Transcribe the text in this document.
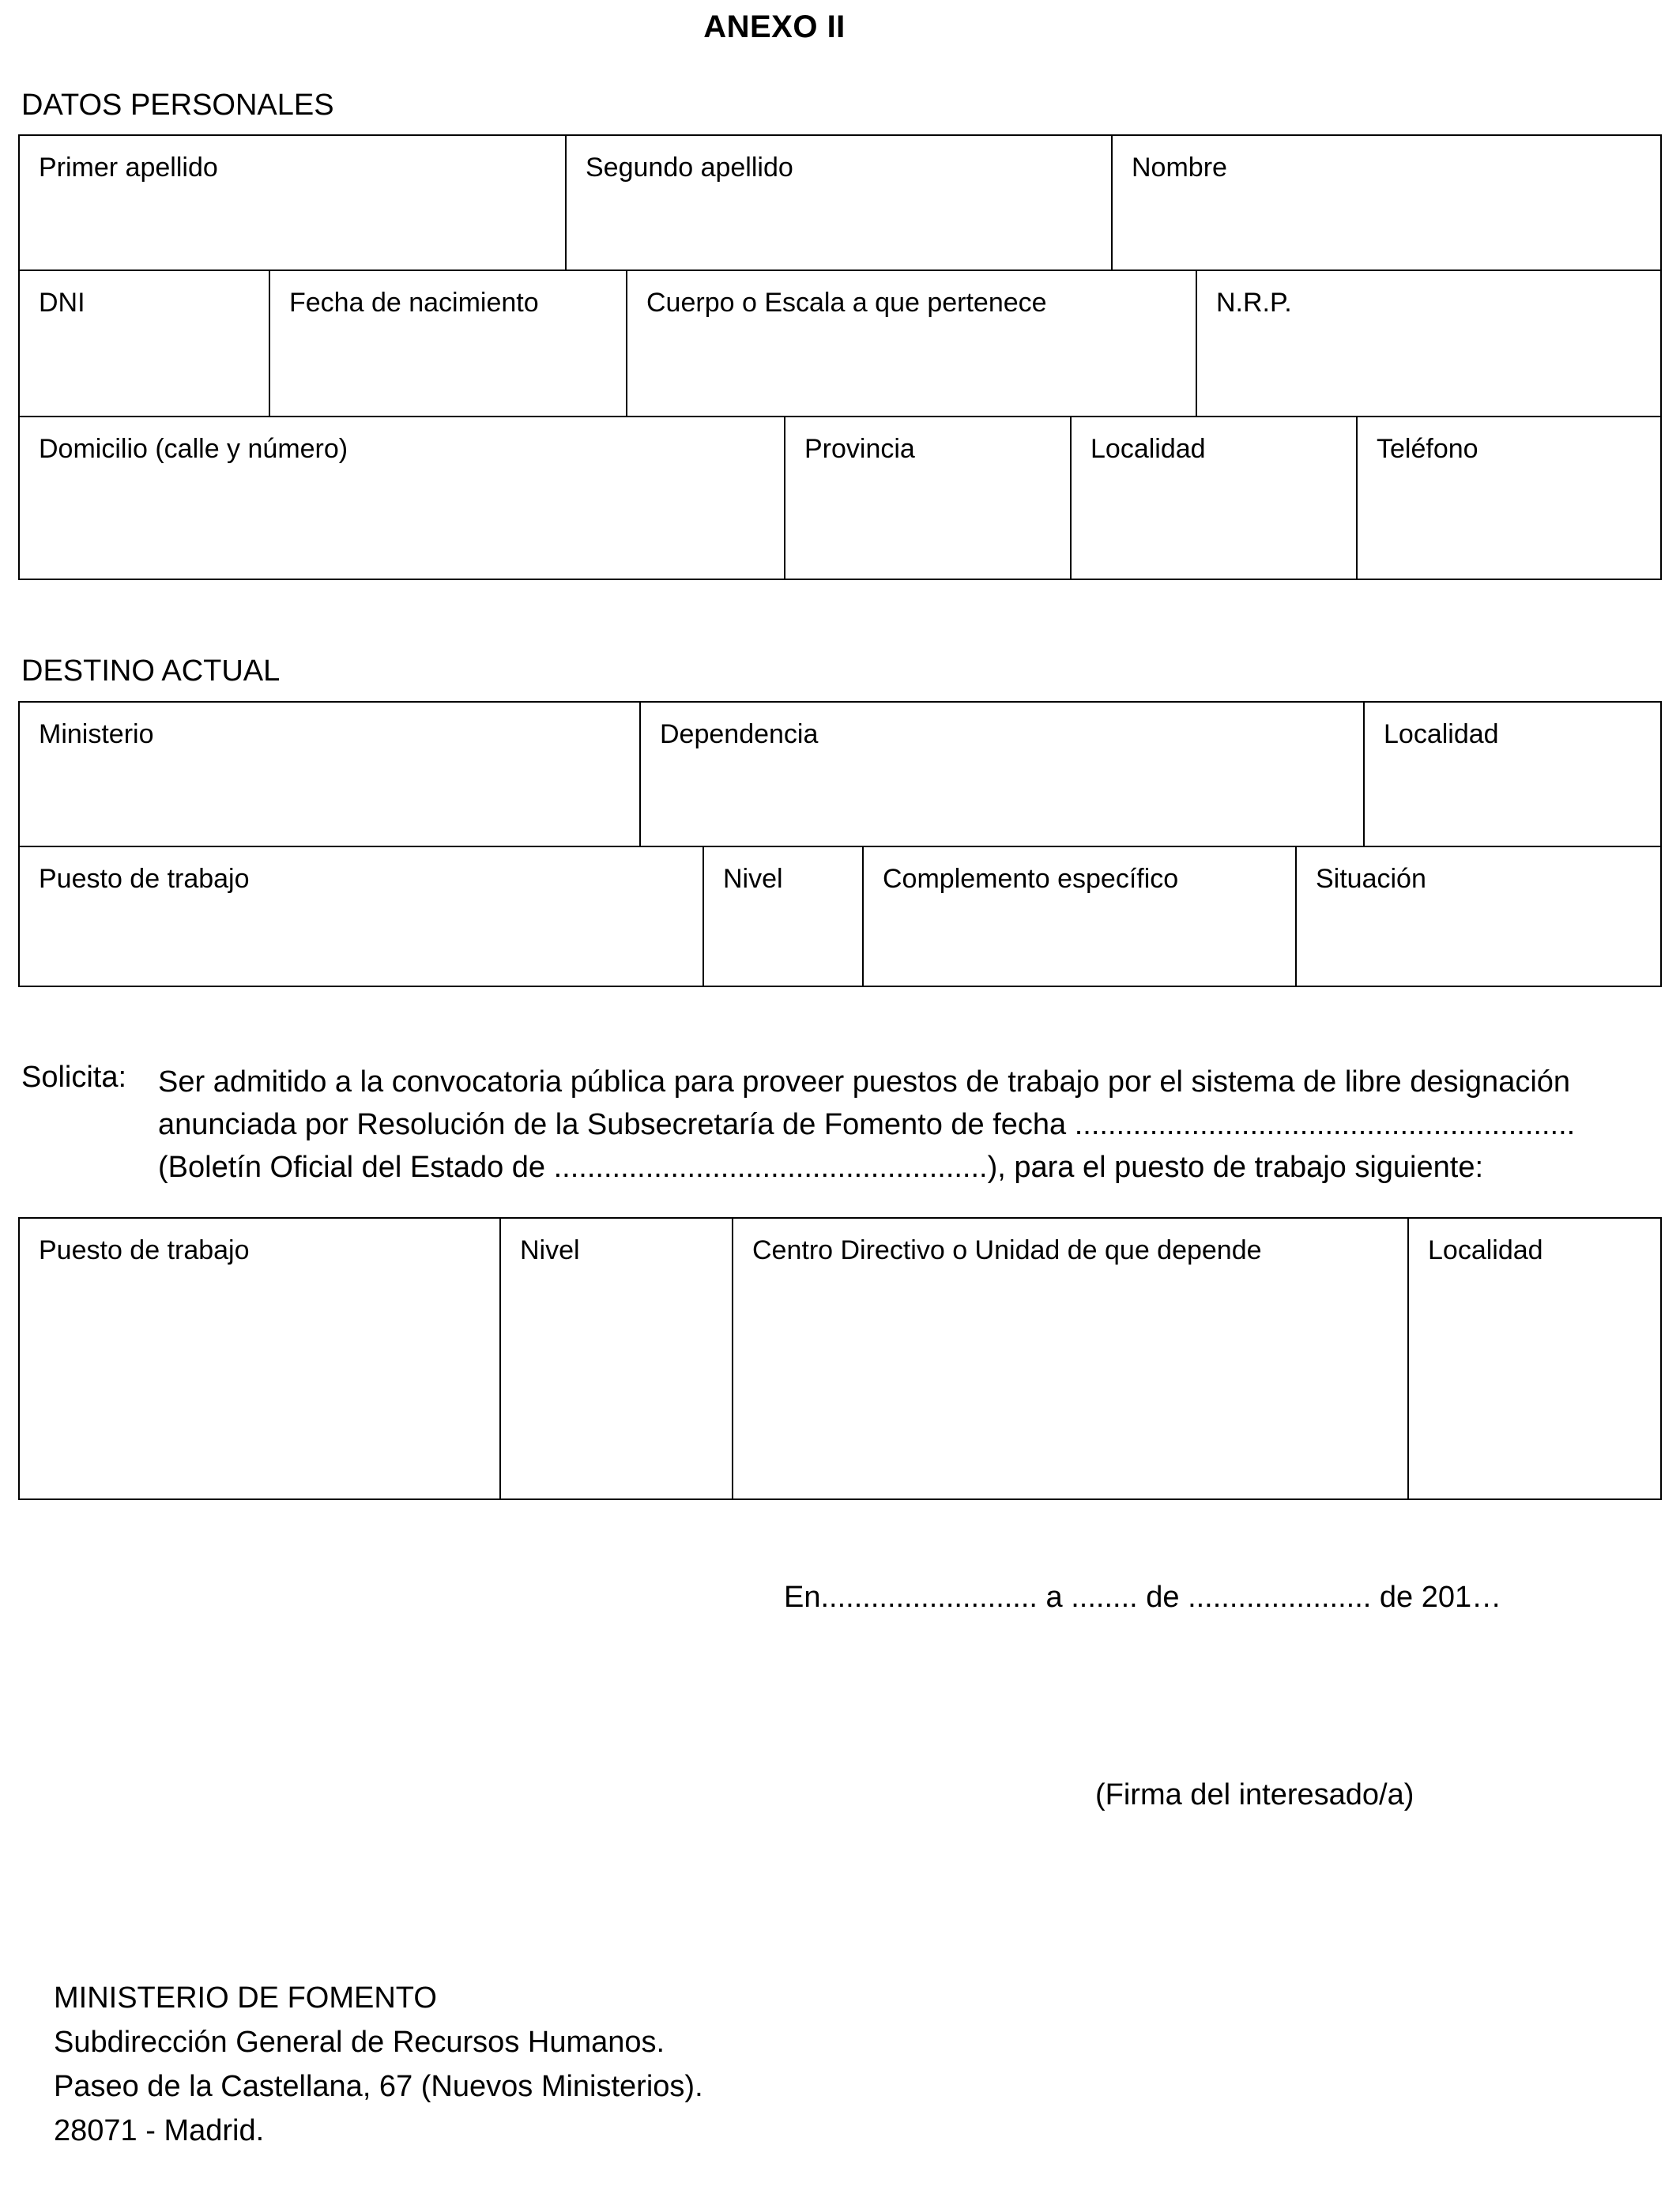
ANEXO II
DATOS PERSONALES
Primer apellido	Segundo apellido	Nombre
DNI	Fecha de nacimiento	Cuerpo o Escala a que pertenece	N.R.P.
Domicilio (calle y número)	Provincia	Localidad	Teléfono
DESTINO ACTUAL
Ministerio	Dependencia	Localidad
Puesto de trabajo	Nivel	Complemento específico	Situación
Solicita: Ser admitido a la convocatoria pública para proveer puestos de trabajo por el sistema de libre designación
anunciada por Resolución de la Subsecretaría de Fomento de fecha ............................................................
(Boletín Oficial del Estado de ....................................................), para el puesto de trabajo siguiente:
Puesto de trabajo	Nivel	Centro Directivo o Unidad de que depende	Localidad
En.......................... a ........ de ...................... de 201…
(Firma del interesado/a)
MINISTERIO DE FOMENTO
Subdirección General de Recursos Humanos.
Paseo de la Castellana, 67 (Nuevos Ministerios).
28071 - Madrid.
